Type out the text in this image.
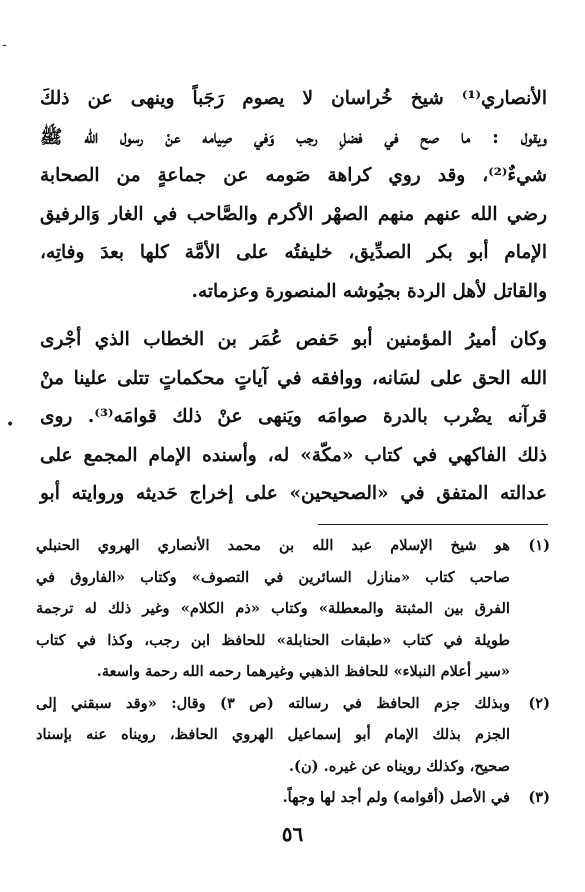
-
•
الأنصاري⁽¹⁾ شيخ خُراسان لا يصوم رَجَباً وينهى عن ذلكَ
ويقول : ما صح في فضلِ رجب وَفي صِيامه عنْ رسول الله ﷺ
شيءٌ⁽²⁾، وقد روي كراهة صَومه عن جماعةٍ من الصحابة
رضي الله عنهم منهم الصهْر الأكرم والصَّاحب في الغار وَالرفيق
الإمام أبو بكر الصدِّيق، خليفتُه على الأمَّة كلها بعدَ وفاتِه،
والقاتل لأهل الردة بجيُوشه المنصورة وعزماته.
وكان أميرُ المؤمنين أبو حَفص عُمَر بن الخطاب الذي أجْرى
الله الحق على لسَانه، ووافقه في آياتٍ محكماتٍ تتلى علينا منْ
قرآنه يضْرب بالدرة صوامَه ويَنهى عنْ ذلك قوامَه⁽³⁾. روى
ذلك الفاكهي في كتاب «مكّة» له، وأسنده الإمام المجمع على
عدالته المتفق في «الصحيحين» على إخراج حَديثه وروايته أبو
(١)
هو شيخ الإسلام عبد الله بن محمد الأنصاري الهروي الحنبلي
صاحب كتاب «منازل السائرين في التصوف» وكتاب «الفاروق في
الفرق بين المثبتة والمعطلة» وكتاب «ذم الكلام» وغير ذلك له ترجمة
طويلة في كتاب «طبقات الحنابلة» للحافظ ابن رجب، وكذا في كتاب
«سير أعلام النبلاء» للحافظ الذهبي وغيرهما رحمه الله رحمة واسعة.
(٢)
وبذلك جزم الحافظ في رسالته (ص ٣) وقال: «وقد سبقني إلى
الجزم بذلك الإمام أبو إسماعيل الهروي الحافظ، رويناه عنه بإسناد
صحيح، وكذلك رويناه عن غيره. (ن).
(٣)
في الأصل (أقوامه) ولم أجد لها وجهاً.
٥٦
